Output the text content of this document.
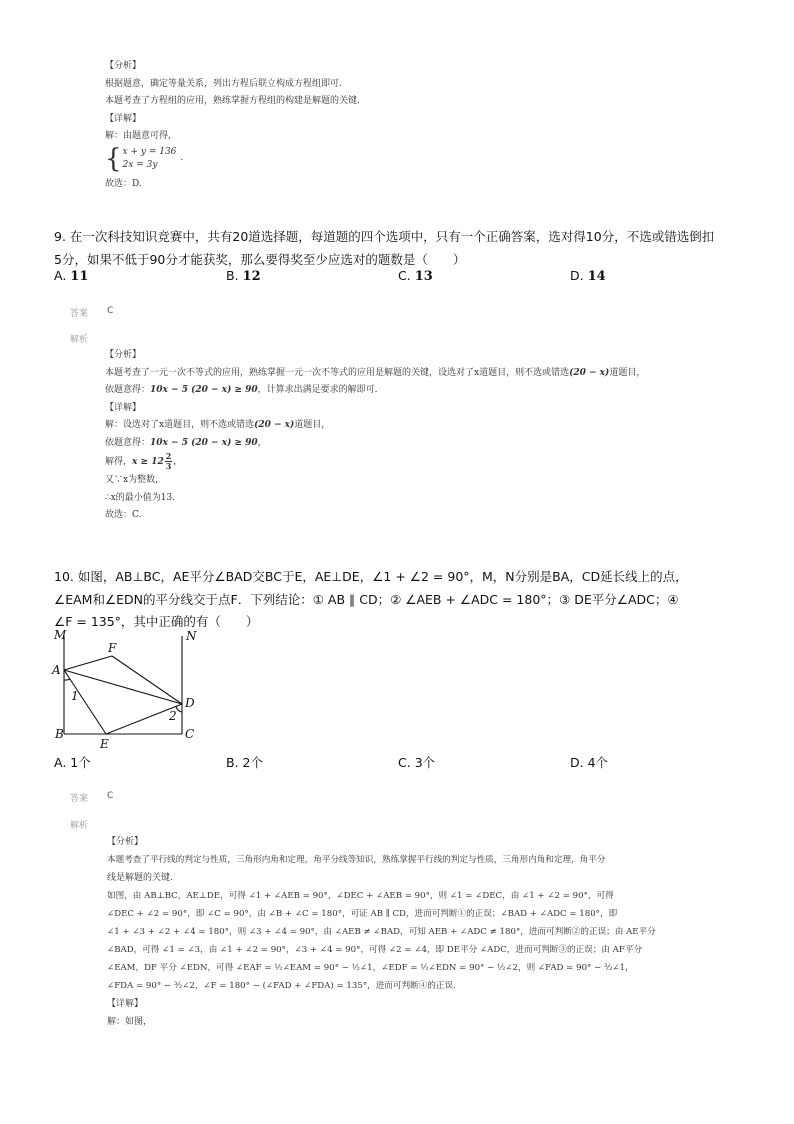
【分析】
根据题意，确定等量关系，列出方程后联立构成方程组即可.
本题考查了方程组的应用，熟练掌握方程组的构建是解题的关键.
【详解】
解：由题意可得，
{x + y = 136
2x = 3y.
故选：D.
9. 在一次科技知识竞赛中，共有20道选择题，每道题的四个选项中，只有一个正确答案，选对得10分，不选或错选倒扣
5分，如果不低于90分才能获奖，那么要得奖至少应选对的题数是（　　）
A. 11	B. 12	C. 13	D. 14
答案 C
解析
【分析】
本题考查了一元一次不等式的应用，熟练掌握一元一次不等式的应用是解题的关键，设选对了x道题目，则不选或错选(20 − x)道题目，
依题意得：10x − 5 (20 − x) ≥ 90，计算求出满足要求的解即可.
【详解】
解：设选对了x道题目，则不选或错选(20 − x)道题目，
依题意得：10x − 5 (20 − x) ≥ 90，
解得，$x \ge 12 \frac{2}{3}$ ，
又∵x为整数，
∴x的最小值为13.
故选：C.
10. 如图，AB⊥BC，AE平分∠BAD交BC于E，AE⊥DE，∠1 + ∠2 = 90°，M，N分别是BA，CD延长线上的点，
∠EAM和∠EDN的平分线交于点F．下列结论：① AB ∥ CD；② ∠AEB + ∠ADC = 180°；③ DE平分∠ADC；④
∠F = 135°，其中正确的有（　　）
M	N
F
A
D
B
E
C
1
2
A. 1个	B. 2个	C. 3个	D. 4个
答案 C
解析
【分析】
本题考查了平行线的判定与性质，三角形内角和定理，角平分线等知识，熟练掌握平行线的判定与性质，三角形内角和定理，角平分
线是解题的关键.
如图，由 AB⊥BC，AE⊥DE，可得 ∠1 + ∠AEB = 90°，∠DEC + ∠AEB = 90°，则 ∠1 = ∠DEC，由 ∠1 + ∠2 = 90°，可得
∠DEC + ∠2 = 90°，即 ∠C = 90°，由 ∠B + ∠C = 180°，可证 AB ∥ CD，进而可判断①的正误；∠BAD + ∠ADC = 180°，即
∠1 + ∠3 + ∠2 + ∠4 = 180°，则 ∠3 + ∠4 = 90°，由 ∠AEB ≠ ∠BAD，可知 AEB + ∠ADC ≠ 180°，进而可判断②的正误；由 AE平分
∠BAD，可得 ∠1 = ∠3，由 ∠1 + ∠2 = 90°，∠3 + ∠4 = 90°，可得 ∠2 = ∠4，即 DE平分 ∠ADC，进而可判断③的正误；由 AF平分
∠EAM，DF 平分 ∠EDN，可得 ∠EAF = ½∠EAM = 90° − ½∠1，∠EDF = ½∠EDN = 90° − ½∠2，则 ∠FAD = 90° − ³⁄₂∠1，
∠FDA = 90° − ³⁄₂∠2，∠F = 180° − (∠FAD + ∠FDA) = 135°，进而可判断④的正误.
【详解】
解：如图，
